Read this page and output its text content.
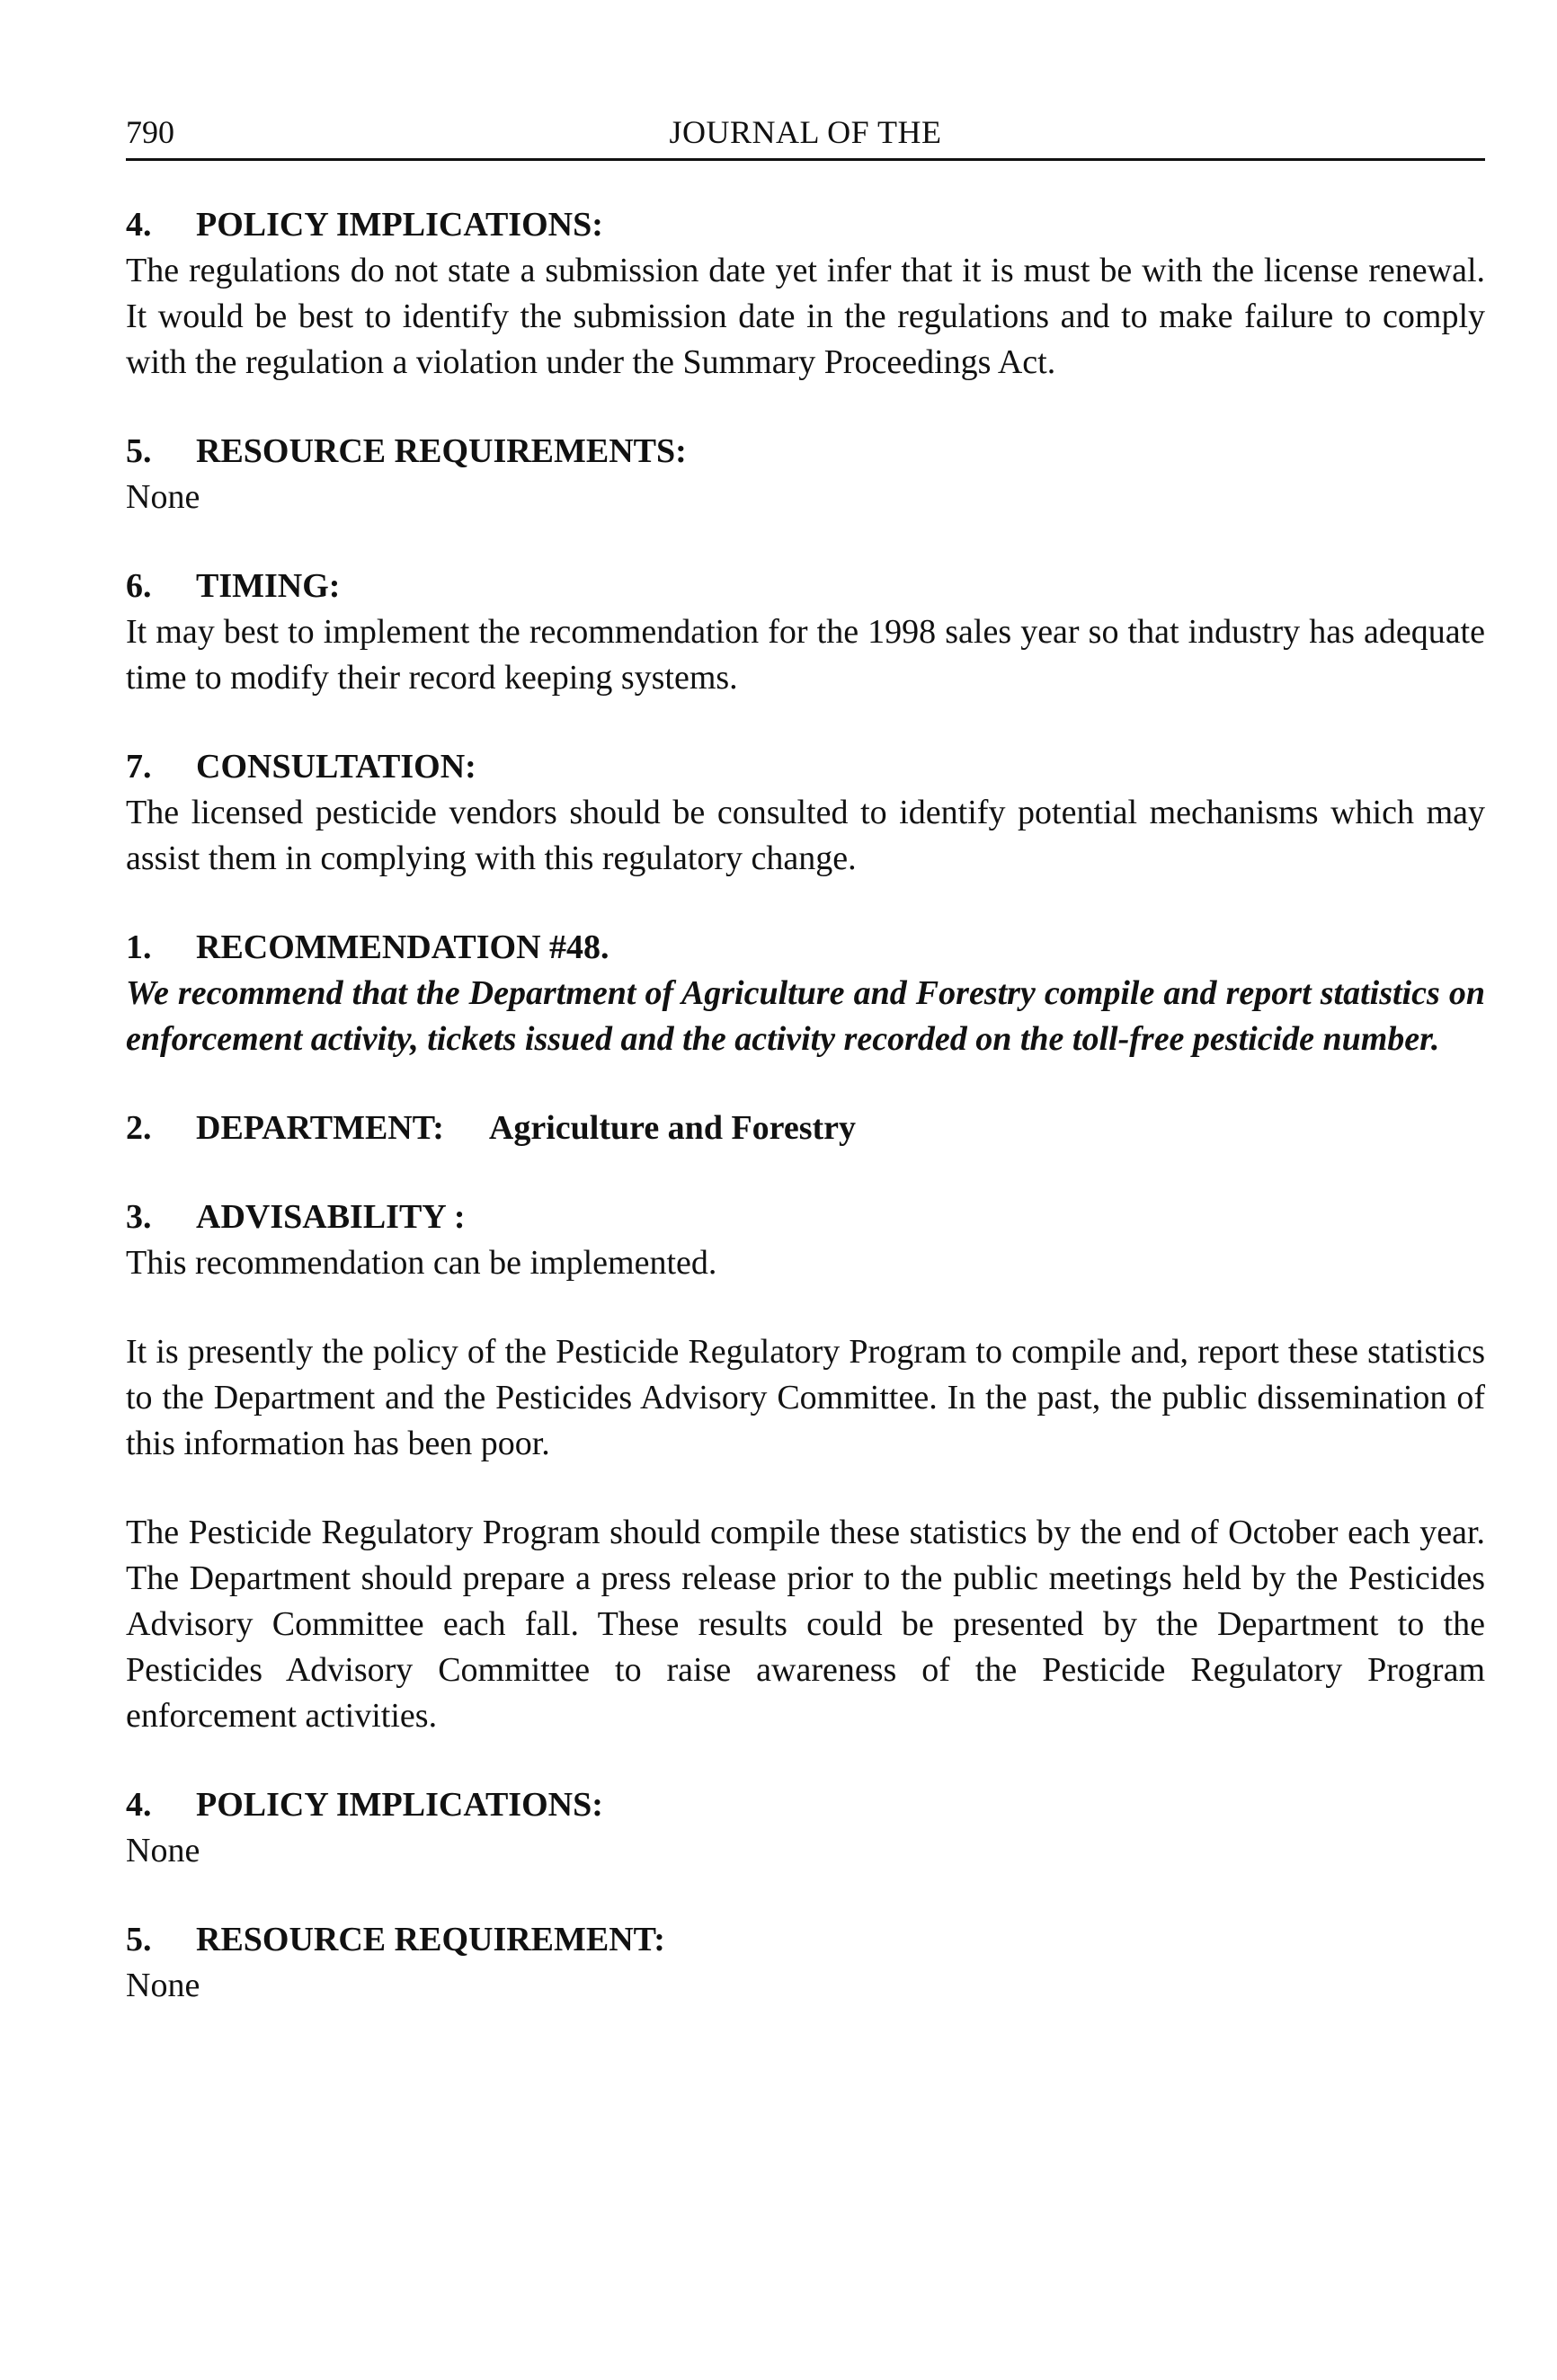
790	JOURNAL OF THE
4.	POLICY IMPLICATIONS:

The regulations do not state a submission date yet infer that it is must be with the license renewal. It would be best to identify the submission date in the regulations and to make failure to comply with the regulation a violation under the Summary Proceedings Act.

5.	RESOURCE REQUIREMENTS:

None

6.	TIMING:

It may best to implement the recommendation for the 1998 sales year so that industry has adequate time to modify their record keeping systems.

7.	CONSULTATION:

The licensed pesticide vendors should be consulted to identify potential mechanisms which may assist them in complying with this regulatory change.

1.	RECOMMENDATION #48.

We recommend that the Department of Agriculture and Forestry compile and report statistics on enforcement activity, tickets issued and the activity recorded on the toll-free pesticide number.

2.	DEPARTMENT: Agriculture and Forestry
3.	ADVISABILITY :

This recommendation can be implemented.

It is presently the policy of the Pesticide Regulatory Program to compile and, report these statistics to the Department and the Pesticides Advisory Committee. In the past, the public dissemination of this information has been poor.

The Pesticide Regulatory Program should compile these statistics by the end of October each year. The Department should prepare a press release prior to the public meetings held by the Pesticides Advisory Committee each fall. These results could be presented by the Department to the Pesticides Advisory Committee to raise awareness of the Pesticide Regulatory Program enforcement activities.

4.	POLICY IMPLICATIONS:

None

5.	RESOURCE REQUIREMENT:

None
